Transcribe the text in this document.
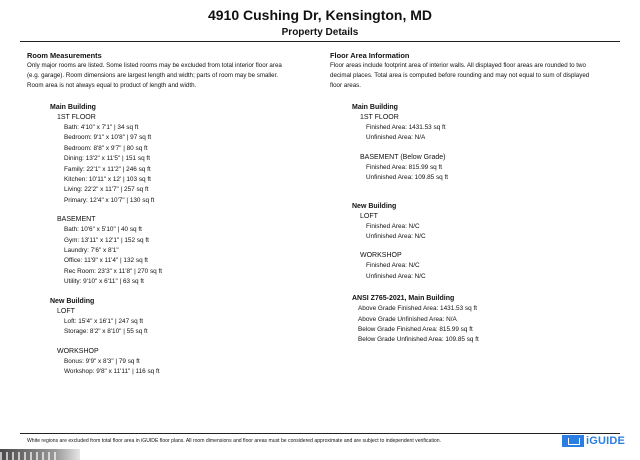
4910 Cushing Dr, Kensington, MD
Property Details
Room Measurements
Only major rooms are listed. Some listed rooms may be excluded from total interior floor area
(e.g. garage). Room dimensions are largest length and width; parts of room may be smaller.
Room area is not always equal to product of length and width.
Main Building
1ST FLOOR
Bath: 4'10" x 7'1" | 34 sq ft
Bedroom: 9'1" x 10'8" | 97 sq ft
Bedroom: 8'8" x 9'7" | 80 sq ft
Dining: 13'2" x 11'5" | 151 sq ft
Family: 22'1" x 11'2" | 246 sq ft
Kitchen: 10'11" x 12' | 103 sq ft
Living: 22'2" x 11'7" | 257 sq ft
Primary: 12'4" x 10'7" | 130 sq ft
BASEMENT
Bath: 10'6" x 5'10" | 40 sq ft
Gym: 13'11" x 12'1" | 152 sq ft
Laundry: 7'6" x 8'1"
Office: 11'9" x 11'4" | 132 sq ft
Rec Room: 23'3" x 11'8" | 270 sq ft
Utility: 9'10" x 6'11" | 63 sq ft
New Building
LOFT
Loft: 15'4" x 16'1" | 247 sq ft
Storage: 8'2" x 8'10" | 55 sq ft
WORKSHOP
Bonus: 9'9" x 8'3" | 79 sq ft
Workshop: 9'8" x 11'11" | 116 sq ft
Floor Area Information
Floor areas include footprint area of interior walls. All displayed floor areas are rounded to two
decimal places. Total area is computed before rounding and may not equal to sum of displayed
floor areas.
Main Building
1ST FLOOR
Finished Area: 1431.53 sq ft
Unfinished Area: N/A
BASEMENT (Below Grade)
Finished Area: 815.99 sq ft
Unfinished Area: 109.85 sq ft
New Building
LOFT
Finished Area: N/C
Unfinished Area: N/C
WORKSHOP
Finished Area: N/C
Unfinished Area: N/C
ANSI Z765-2021, Main Building
Above Grade Finished Area: 1431.53 sq ft
Above Grade Unfinished Area: N/A
Below Grade Finished Area: 815.99 sq ft
Below Grade Unfinished Area: 109.85 sq ft
White regions are excluded from total floor area in iGUIDE floor plans. All room dimensions and floor areas must be considered approximate and are subject to independent verification.	iGUIDE
